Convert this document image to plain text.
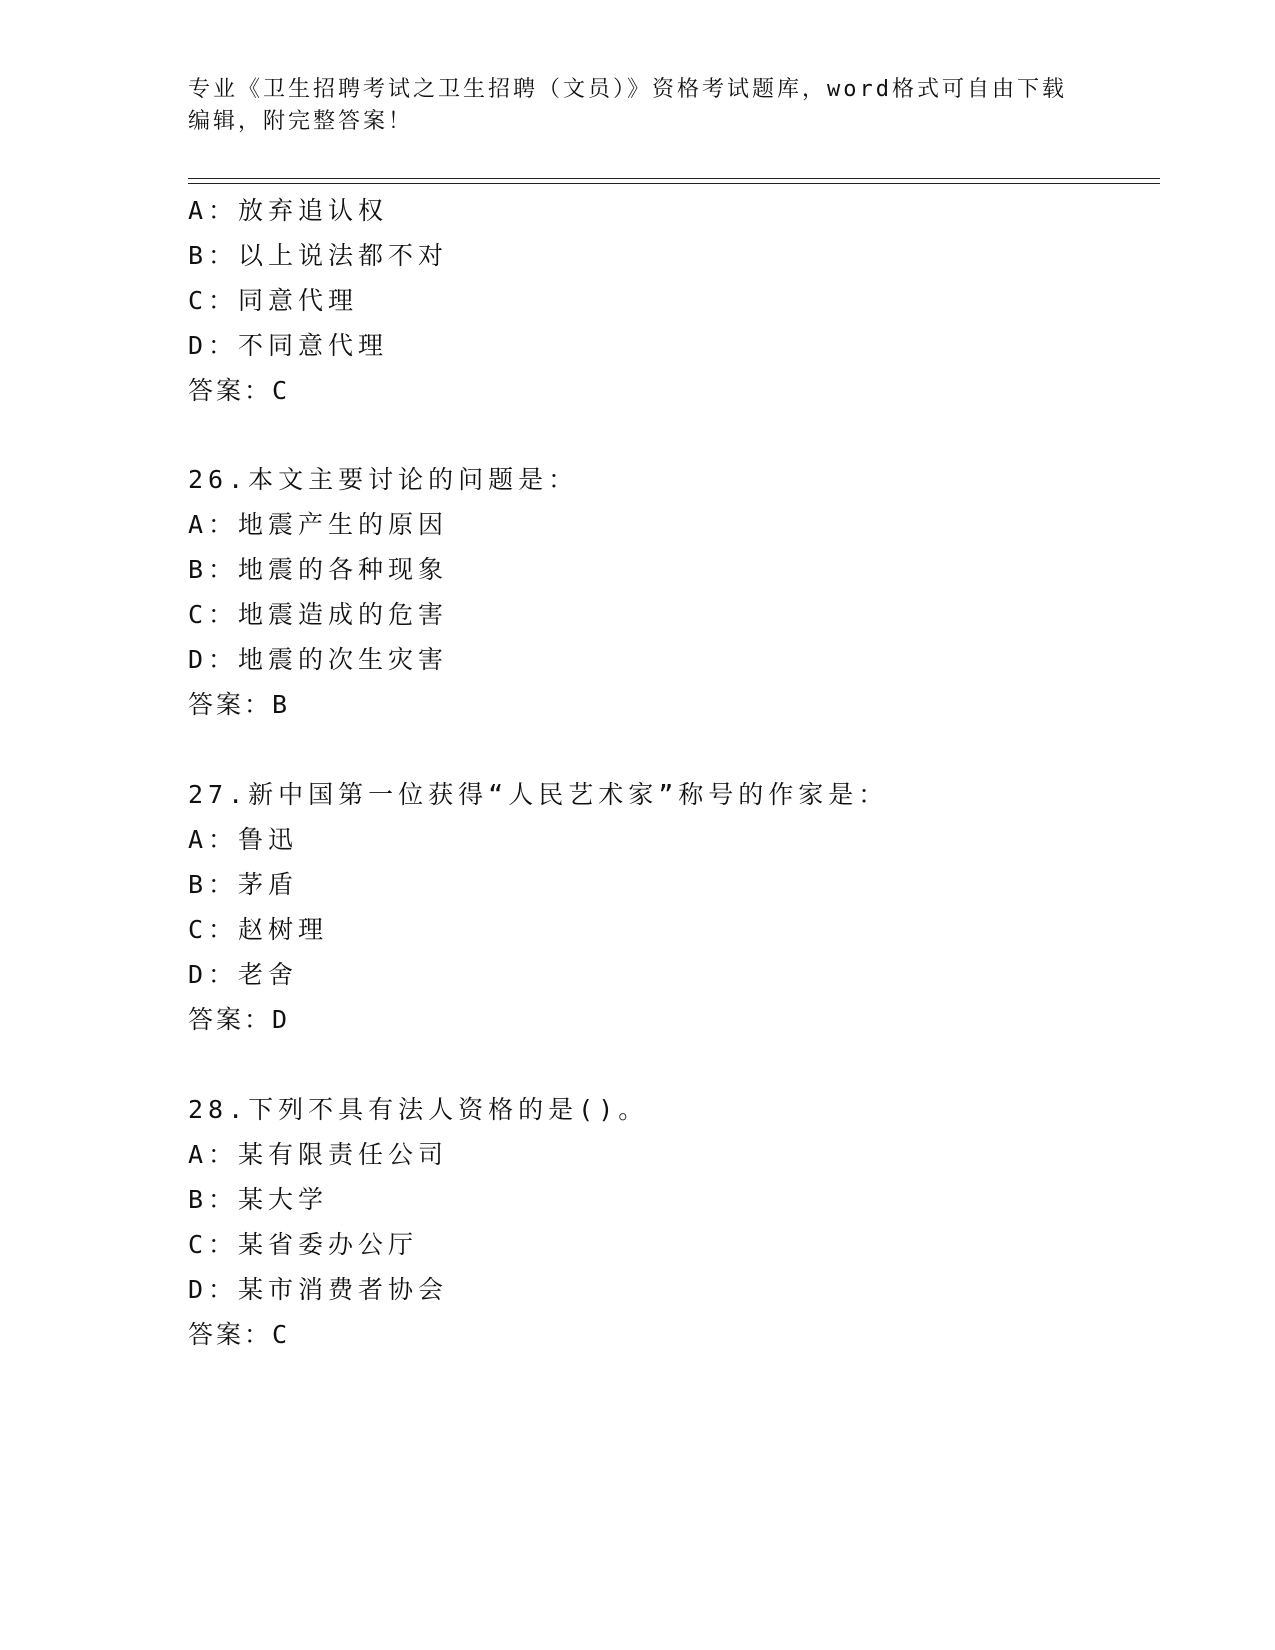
专业《卫生招聘考试之卫生招聘（文员）》资格考试题库，word格式可自由下载
编辑，附完整答案！
A：放弃追认权
B：以上说法都不对
C：同意代理
D：不同意代理
答案：C
26.本文主要讨论的问题是：
A：地震产生的原因
B：地震的各种现象
C：地震造成的危害
D：地震的次生灾害
答案：B
27.新中国第一位获得“人民艺术家”称号的作家是：
A：鲁迅
B：茅盾
C：赵树理
D：老舍
答案：D
28.下列不具有法人资格的是()。
A：某有限责任公司
B：某大学
C：某省委办公厅
D：某市消费者协会
答案：C
